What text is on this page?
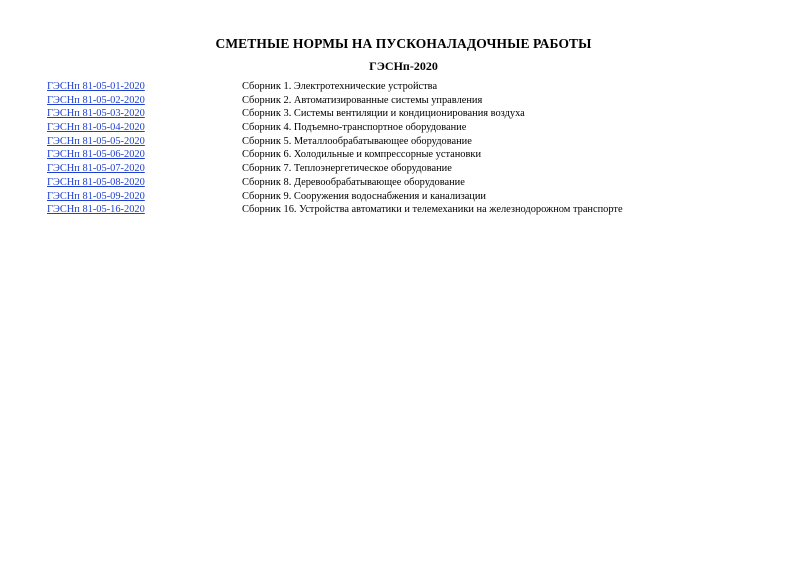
СМЕТНЫЕ НОРМЫ НА ПУСКОНАЛАДОЧНЫЕ РАБОТЫ
ГЭСНп-2020
ГЭСНп 81-05-01-2020	Сборник 1. Электротехнические устройства
ГЭСНп 81-05-02-2020	Сборник 2. Автоматизированные системы управления
ГЭСНп 81-05-03-2020	Сборник 3. Системы вентиляции и кондиционирования воздуха
ГЭСНп 81-05-04-2020	Сборник 4. Подъемно-транспортное оборудование
ГЭСНп 81-05-05-2020	Сборник 5. Металлообрабатывающее оборудование
ГЭСНп 81-05-06-2020	Сборник 6. Холодильные и компрессорные установки
ГЭСНп 81-05-07-2020	Сборник 7. Теплоэнергетическое оборудование
ГЭСНп 81-05-08-2020	Сборник 8. Деревообрабатывающее оборудование
ГЭСНп 81-05-09-2020	Сборник 9. Сооружения водоснабжения и канализации
ГЭСНп 81-05-16-2020	Сборник 16. Устройства автоматики и телемеханики на железнодорожном транспорте
